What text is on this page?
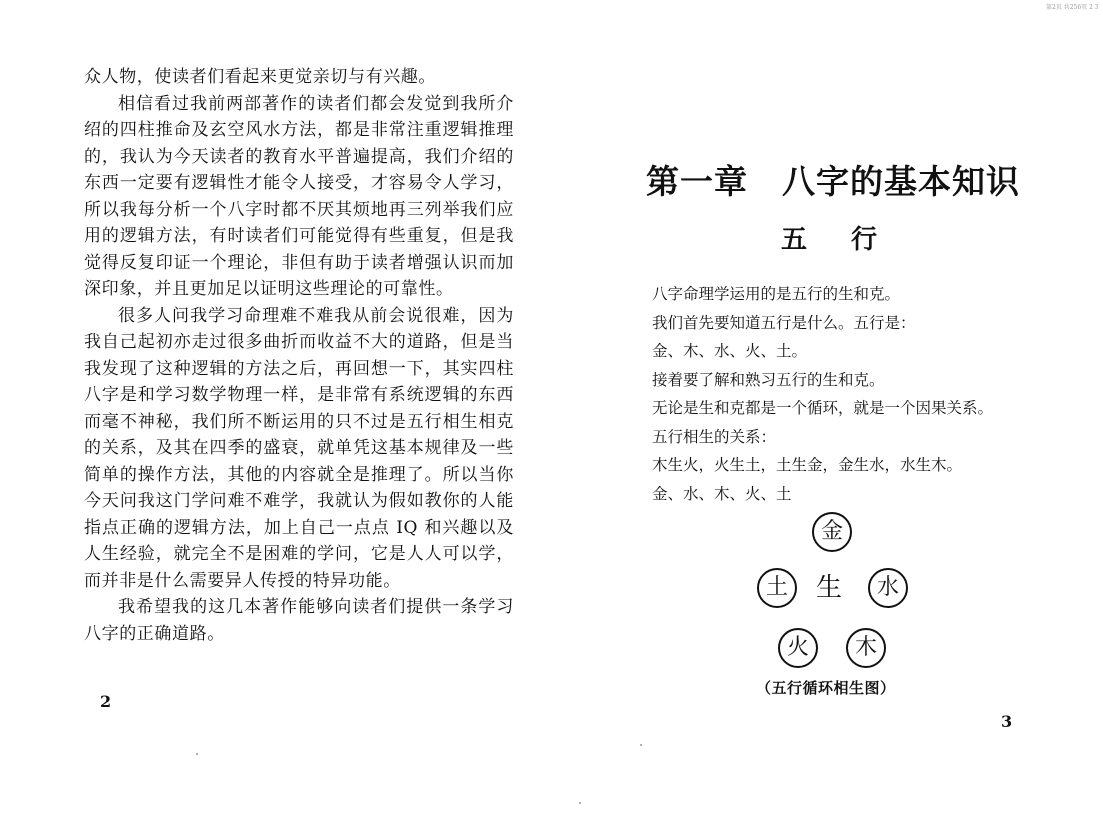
第2页 共256页 2 3

众人物，使读者们看起来更觉亲切与有兴趣。

相信看过我前两部著作的读者们都会发觉到我所介绍的四柱推命及玄空风水方法，都是非常注重逻辑推理的，我认为今天读者的教育水平普遍提高，我们介绍的东西一定要有逻辑性才能令人接受，才容易令人学习，所以我每分析一个八字时都不厌其烦地再三列举我们应用的逻辑方法，有时读者们可能觉得有些重复，但是我觉得反复印证一个理论，非但有助于读者增强认识而加深印象，并且更加足以证明这些理论的可靠性。

很多人问我学习命理难不难我从前会说很难，因为我自己起初亦走过很多曲折而收益不大的道路，但是当我发现了这种逻辑的方法之后，再回想一下，其实四柱八字是和学习数学物理一样，是非常有系统逻辑的东西而毫不神秘，我们所不断运用的只不过是五行相生相克的关系，及其在四季的盛衰，就单凭这基本规律及一些简单的操作方法，其他的内容就全是推理了。所以当你今天问我这门学问难不难学，我就认为假如教你的人能指点正确的逻辑方法，加上自己一点点 IQ 和兴趣以及人生经验，就完全不是困难的学问，它是人人可以学，而并非是什么需要异人传授的特异功能。

我希望我的这几本著作能够向读者们提供一条学习八字的正确道路。

2
第一章　八字的基本知识
五行

八字命理学运用的是五行的生和克。

我们首先要知道五行是什么。五行是：

金、木、水、火、土。

接着要了解和熟习五行的生和克。

无论是生和克都是一个循环，就是一个因果关系。

五行相生的关系：

木生火，火生土，土生金，金生水，水生木。

金、水、木、火、土

金
土	生	水
火	木
（五行循环相生图）
3
